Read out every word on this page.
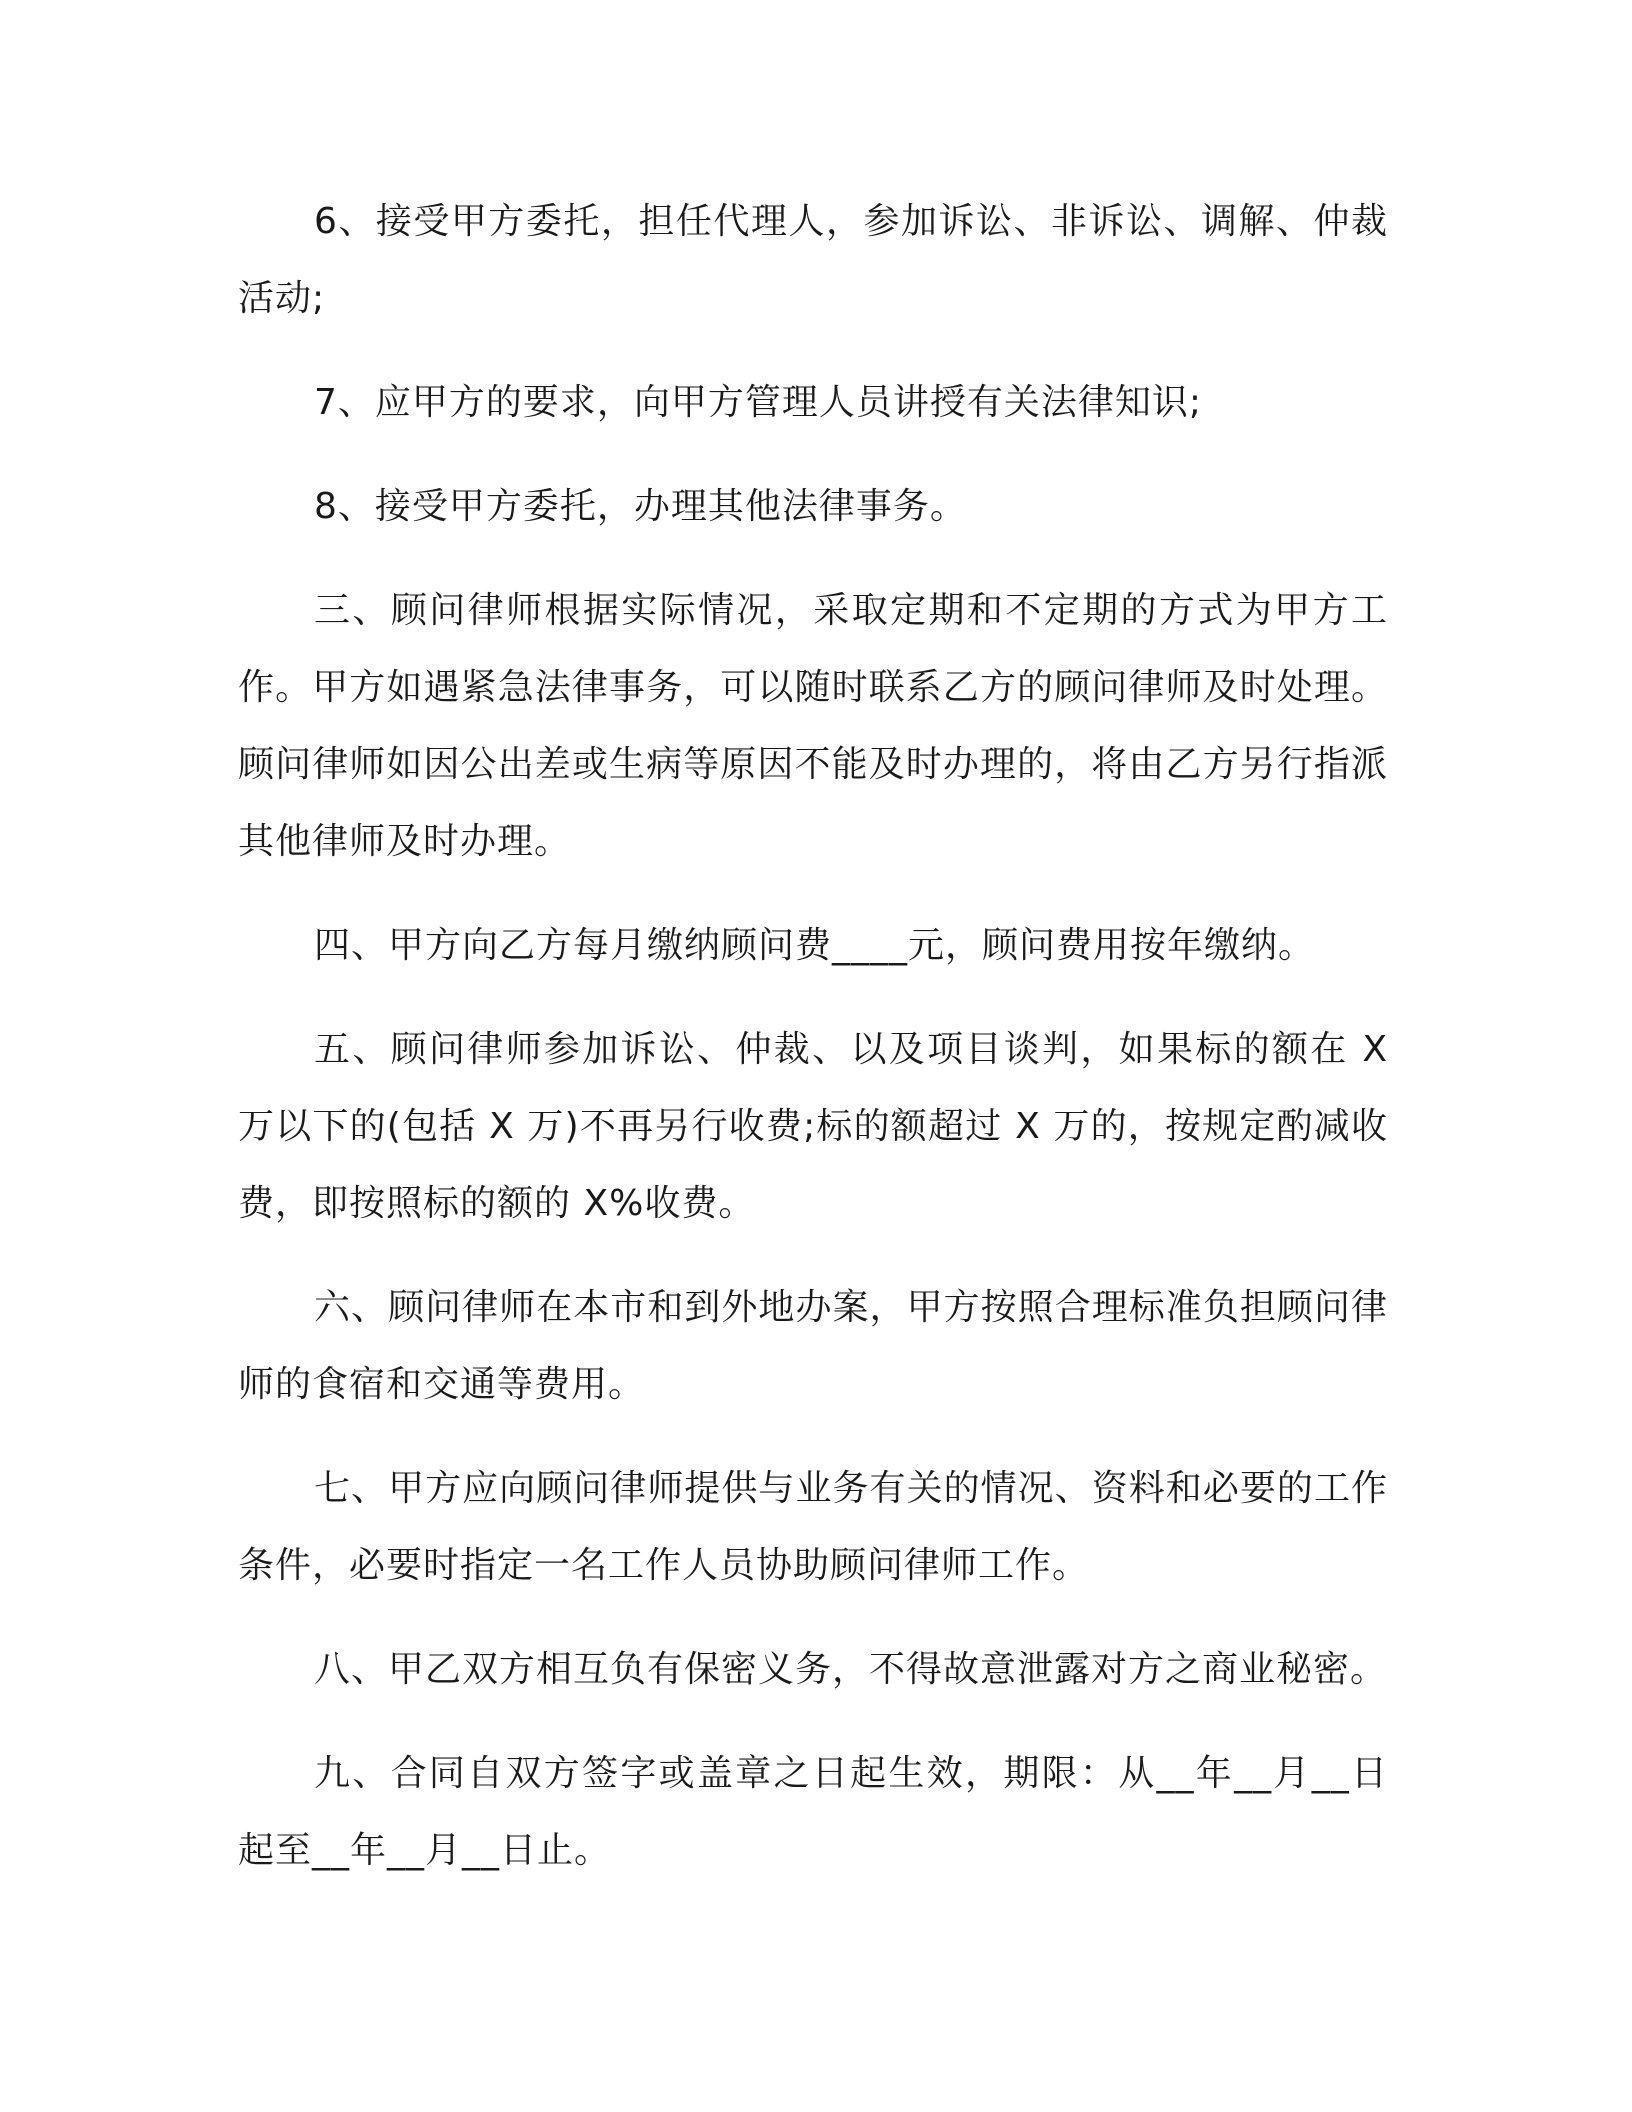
6、接受甲方委托，担任代理人，参加诉讼、非诉讼、调解、仲裁活动;

7、应甲方的要求，向甲方管理人员讲授有关法律知识;

8、接受甲方委托，办理其他法律事务。

三、顾问律师根据实际情况，采取定期和不定期的方式为甲方工作。甲方如遇紧急法律事务，可以随时联系乙方的顾问律师及时处理。顾问律师如因公出差或生病等原因不能及时办理的，将由乙方另行指派其他律师及时办理。

四、甲方向乙方每月缴纳顾问费____元，顾问费用按年缴纳。

五、顾问律师参加诉讼、仲裁、以及项目谈判，如果标的额在 X 万以下的(包括 X 万)不再另行收费;标的额超过 X 万的，按规定酌减收费，即按照标的额的 X%收费。

六、顾问律师在本市和到外地办案，甲方按照合理标准负担顾问律师的食宿和交通等费用。

七、甲方应向顾问律师提供与业务有关的情况、资料和必要的工作条件，必要时指定一名工作人员协助顾问律师工作。

八、甲乙双方相互负有保密义务，不得故意泄露对方之商业秘密。

九、合同自双方签字或盖章之日起生效，期限：从__年__月__日起至__年__月__日止。
